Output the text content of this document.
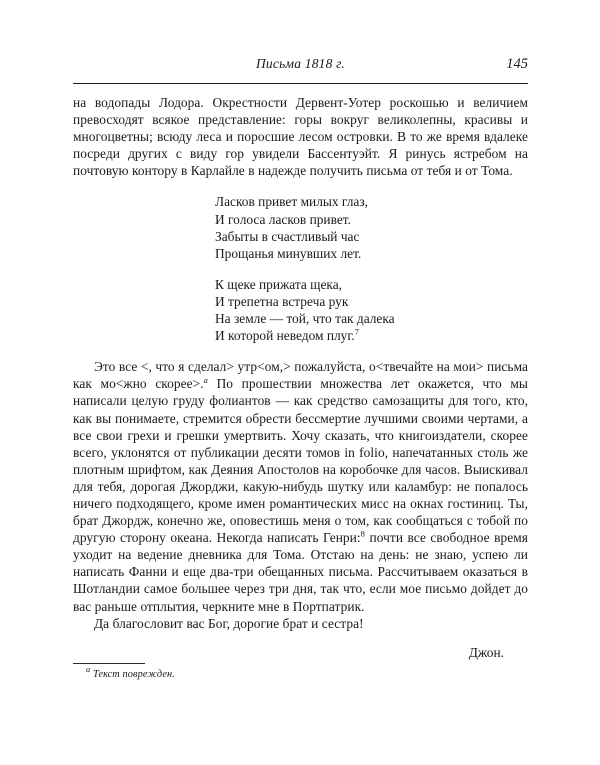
Письма 1818 г.	145

на водопады Лодора. Окрестности Дервент-Уотер роскошью и величием превосходят всякое представление: горы вокруг великолепны, красивы и многоцветны; всюду леса и поросшие лесом островки. В то же время вдалеке посреди других с виду гор увидели Бассентуэйт. Я ринусь ястребом на почтовую контору в Карлайле в надежде получить письма от тебя и от Тома.

Ласков привет милых глаз,
И голоса ласков привет.
Забыты в счастливый час
Прощанья минувших лет.
К щеке прижата щека,
И трепетна встреча рук
На земле — той, что так далека
И которой неведом плуг.$^7$

Это все <, что я сделал> утр<ом,> пожалуйста, о<твечайте на мои> письма как мо<жно скорее>.$^а$ По прошествии множества лет окажется, что мы написали целую груду фолиантов — как средство самозащиты для того, кто, как вы понимаете, стремится обрести бессмертие лучшими своими чертами, а все свои грехи и грешки умертвить. Хочу сказать, что книгоиздатели, скорее всего, уклонятся от публикации десяти томов in folio, напечатанных столь же плотным шрифтом, как Деяния Апостолов на коробочке для часов. Выискивал для тебя, дорогая Джорджи, какую-нибудь шутку или каламбур: не попалось ничего подходящего, кроме имен романтических мисс на окнах гостиниц. Ты, брат Джордж, конечно же, оповестишь меня о том, как сообщаться с тобой по другую сторону океана. Некогда написать Генри:$^8$ почти все свободное время уходит на ведение дневника для Тома. Отстаю на день: не знаю, успею ли написать Фанни и еще два-три обещанных письма. Рассчитываем оказаться в Шотландии самое большее через три дня, так что, если мое письмо дойдет до вас раньше отплытия, черкните мне в Портпатрик.

Да благословит вас Бог, дорогие брат и сестра!

Джон.
$^а$ Текст поврежден.
